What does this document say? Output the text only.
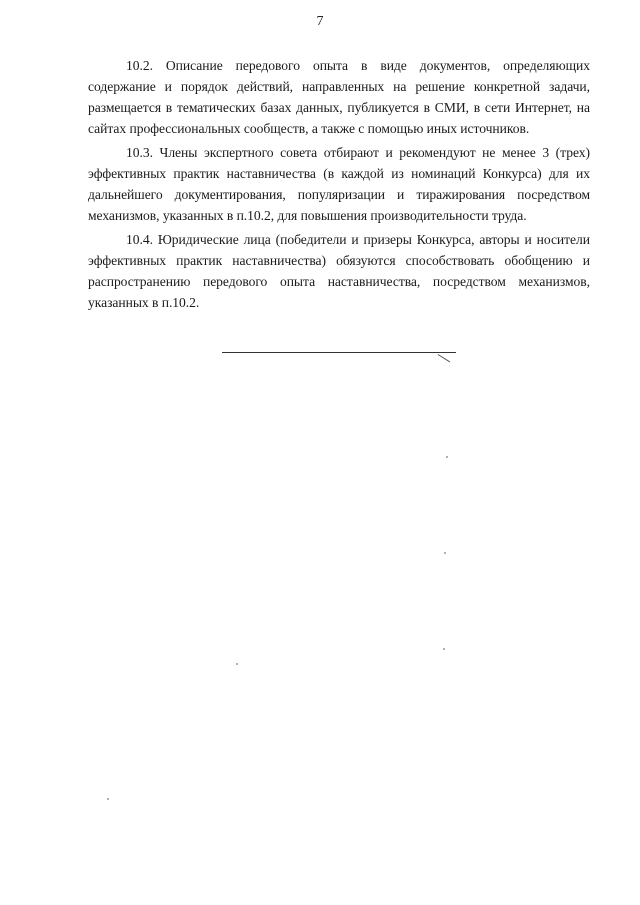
7

10.2. Описание передового опыта в виде документов, определяющих содержание и порядок действий, направленных на решение конкретной задачи, размещается в тематических базах данных, публикуется в СМИ, в сети Интернет, на сайтах профессиональных сообществ, а также с помощью иных источников.

10.3. Члены экспертного совета отбирают и рекомендуют не менее 3 (трех) эффективных практик наставничества (в каждой из номинаций Конкурса) для их дальнейшего документирования, популяризации и тиражирования посредством механизмов, указанных в п.10.2, для повышения производительности труда.

10.4. Юридические лица (победители и призеры Конкурса, авторы и носители эффективных практик наставничества) обязуются способствовать обобщению и распространению передового опыта наставничества, посредством механизмов, указанных в п.10.2.
